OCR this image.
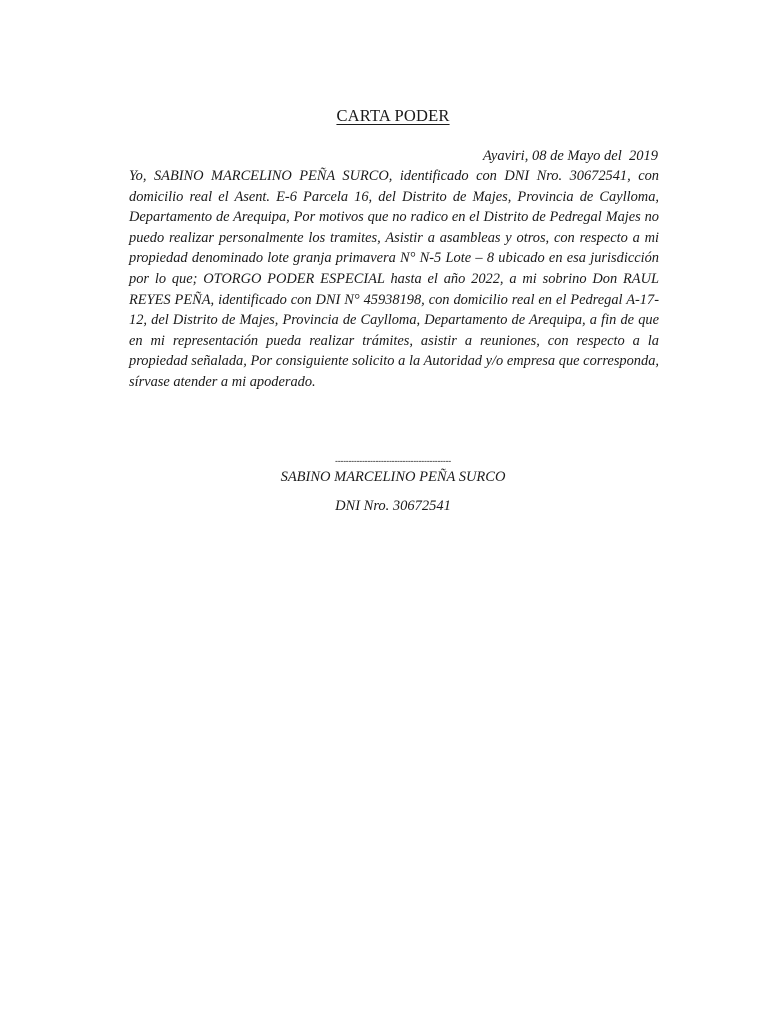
CARTA PODER
Ayaviri, 08 de Mayo del  2019
Yo, SABINO MARCELINO PEÑA SURCO, identificado con DNI Nro. 30672541, con domicilio real el Asent. E-6 Parcela 16, del Distrito de Majes, Provincia de Caylloma, Departamento de Arequipa, Por motivos que no radico en el Distrito de Pedregal Majes no puedo realizar personalmente los tramites, Asistir a asambleas y otros, con respecto a mi propiedad denominado lote granja primavera N° N-5 Lote – 8 ubicado en esa jurisdicción por lo que; OTORGO PODER ESPECIAL hasta el año 2022, a mi sobrino Don RAUL REYES PEÑA, identificado con DNI N° 45938198, con domicilio real en el Pedregal A-17-12, del Distrito de Majes, Provincia de Caylloma, Departamento de Arequipa, a fin de que en mi representación pueda realizar trámites, asistir a reuniones, con respecto a la propiedad señalada, Por consiguiente solicito a la Autoridad y/o empresa que corresponda, sírvase atender a mi apoderado.
-------------------------------------------
SABINO MARCELINO PEÑA SURCO
DNI Nro. 30672541
